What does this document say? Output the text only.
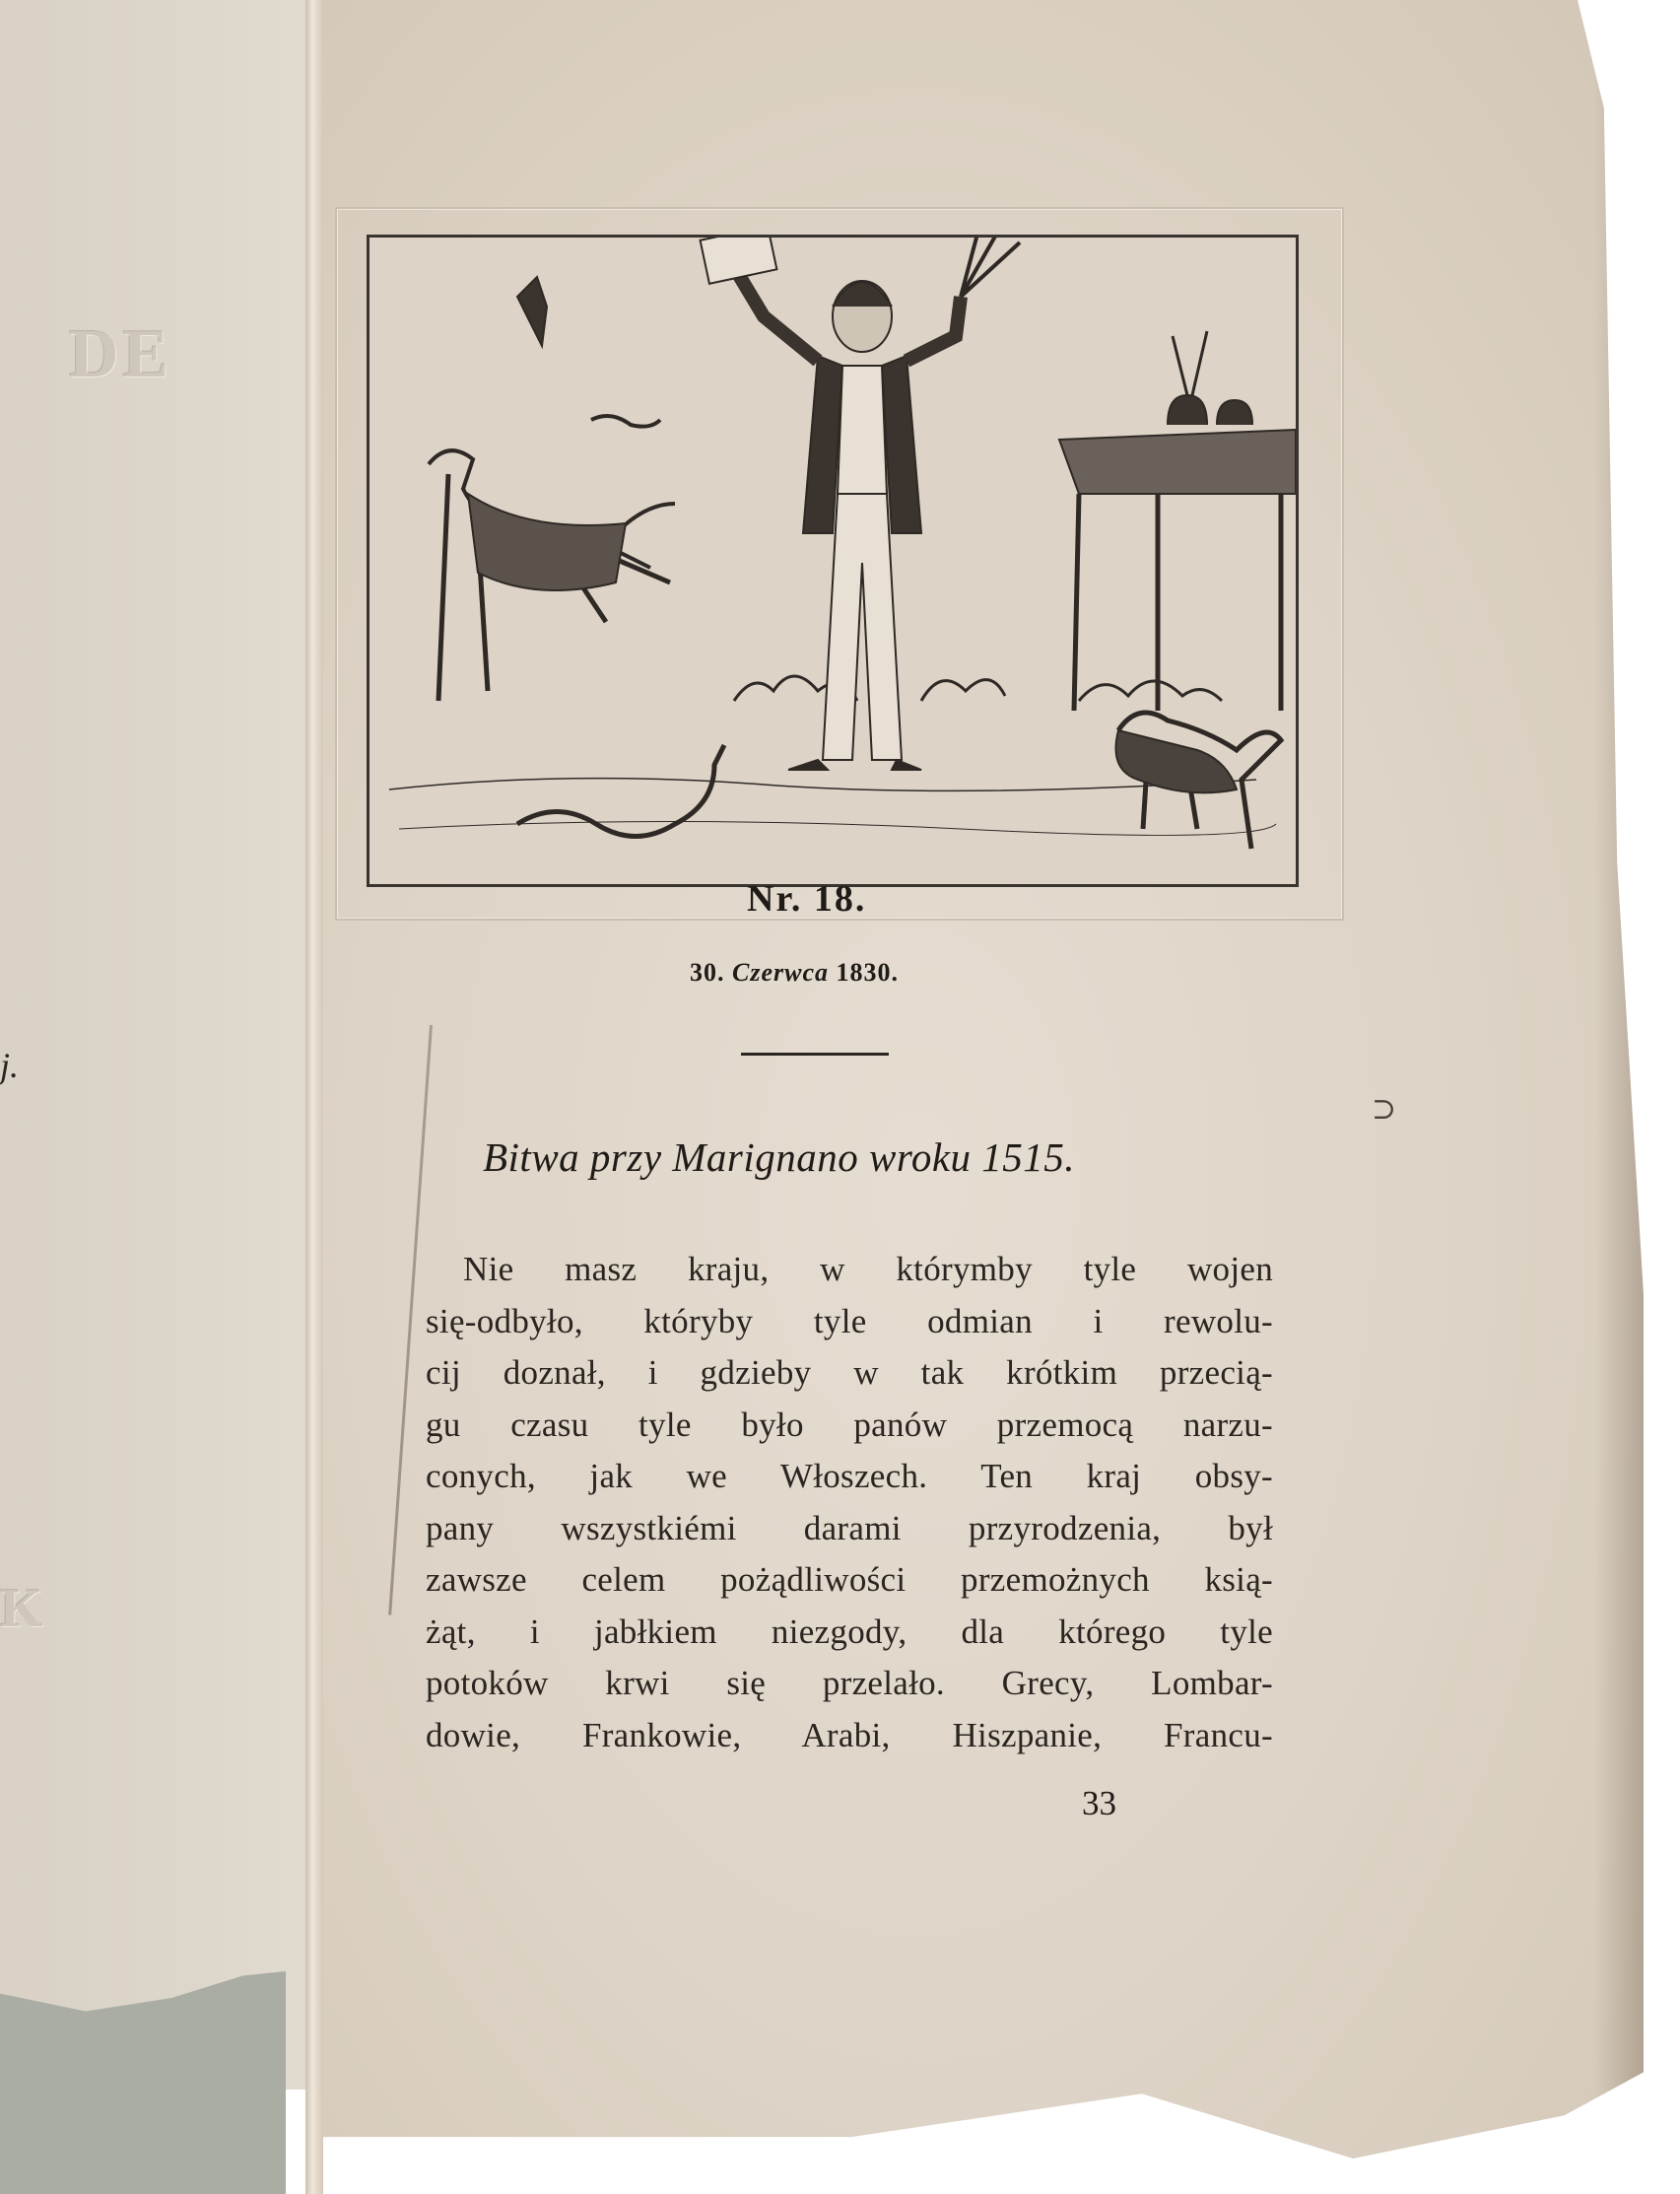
DE
K
j.
Nr. 18.
30. Czerwca 1830.
Bitwa przy Marignano wroku 1515.
Nie masz kraju, w którymby tyle wojen
się-odbyło, któryby tyle odmian i rewolu-
cij doznał, i gdzieby w tak krótkim przecią-
gu czasu tyle było panów przemocą narzu-
conych, jak we Włoszech. Ten kraj obsy-
pany wszystkiémi darami przyrodzenia, był
zawsze celem pożądliwości przemożnych ksią-
żąt, i jabłkiem niezgody, dla którego tyle
potoków krwi się przelało. Grecy, Lombar-
dowie, Frankowie, Arabi, Hiszpanie, Francu-
33
⊃
